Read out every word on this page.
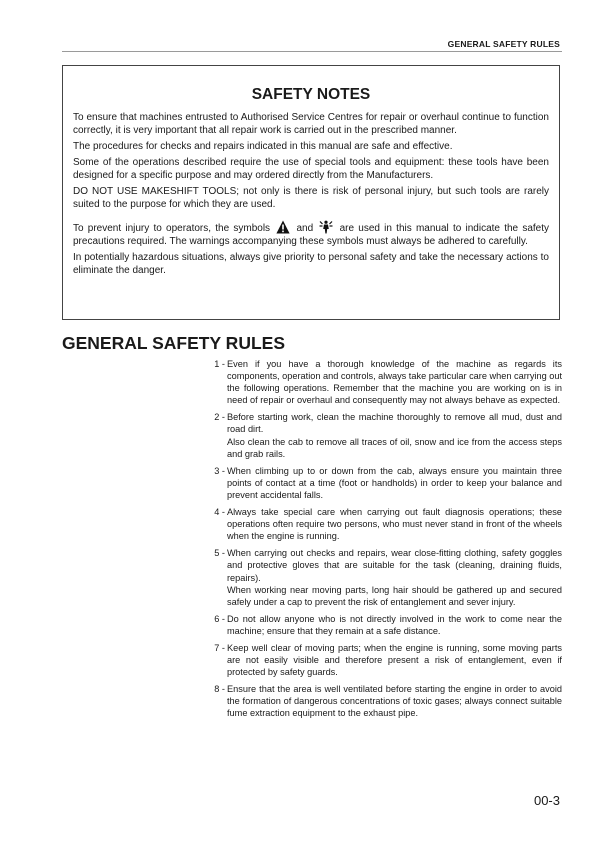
GENERAL SAFETY RULES
SAFETY NOTES

To ensure that machines entrusted to Authorised Service Centres for repair or overhaul continue to function correctly, it is very important that all repair work is carried out in the prescribed manner.

The procedures for checks and repairs indicated in this manual are safe and effective.

Some of the operations described require the use of special tools and equipment: these tools have been designed for a specific purpose and may ordered directly from the Manufacturers.

DO NOT USE MAKESHIFT TOOLS; not only is there is risk of personal injury, but such tools are rarely suited to the purpose for which they are used.

To prevent injury to operators, the symbols  and  are used in this manual to indicate the safety precautions required. The warnings accompanying these symbols must always be adhered to carefully.

In potentially hazardous situations, always give priority to personal safety and take the necessary actions to eliminate the danger.

GENERAL SAFETY RULES
1 - Even if you have a thorough knowledge of the machine as regards its components, operation and controls, always take particular care when carrying out the following operations. Remember that the machine you are working on is in need of repair or overhaul and consequently may not always behave as expected.

2 - Before starting work, clean the machine thoroughly to remove all mud, dust and road dirt.

Also clean the cab to remove all traces of oil, snow and ice from the access steps and grab rails.

3 - When climbing up to or down from the cab, always ensure you maintain three points of contact at a time (foot or handholds) in order to keep your balance and prevent accidental falls.

4 - Always take special care when carrying out fault diagnosis operations; these operations often require two persons, who must never stand in front of the wheels when the engine is running.

5 - When carrying out checks and repairs, wear close-fitting clothing, safety goggles and protective gloves that are suitable for the task (cleaning, draining fluids, repairs).

When working near moving parts, long hair should be gathered up and secured safely under a cap to prevent the risk of entanglement and sever injury.

6 - Do not allow anyone who is not directly involved in the work to come near the machine; ensure that they remain at a safe distance.

7 - Keep well clear of moving parts; when the engine is running, some moving parts are not easily visible and therefore present a risk of entanglement, even if protected by safety guards.

8 - Ensure that the area is well ventilated before starting the engine in order to avoid the formation of dangerous concentrations of toxic gases; always connect suitable fume extraction equipment to the exhaust pipe.

00-3
